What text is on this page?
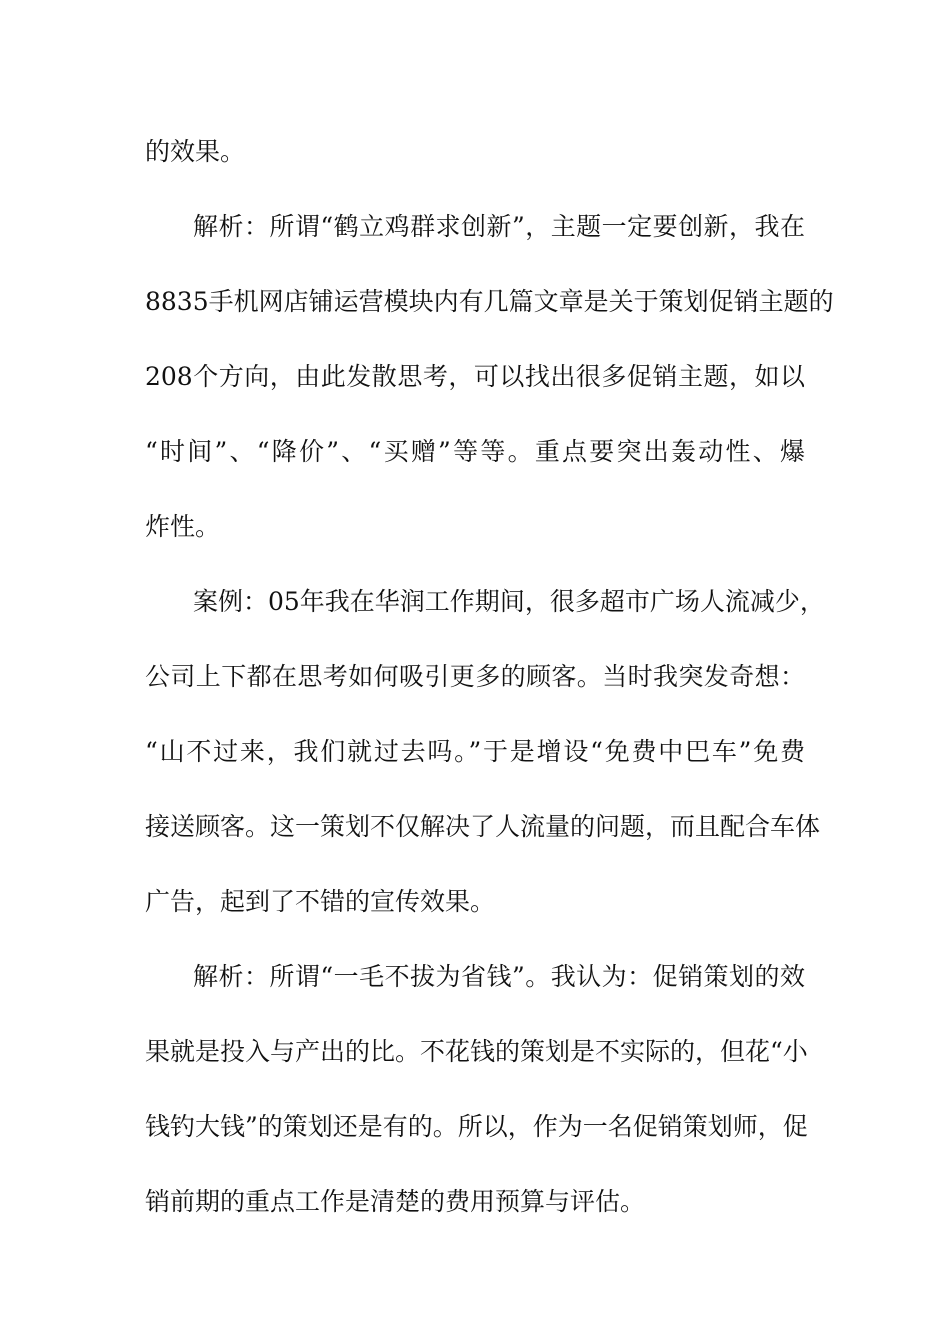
的效果。
解析：所谓“鹤立鸡群求创新”，主题一定要创新，我在
8835手机网店铺运营模块内有几篇文章是关于策划促销主题的
208个方向，由此发散思考，可以找出很多促销主题，如以
“时间”、“降价”、“买赠”等等。重点要突出轰动性、爆
炸性。
案例：05年我在华润工作期间，很多超市广场人流减少，
公司上下都在思考如何吸引更多的顾客。当时我突发奇想：
“山不过来，我们就过去吗。”于是增设“免费中巴车”免费
接送顾客。这一策划不仅解决了人流量的问题，而且配合车体
广告，起到了不错的宣传效果。
解析：所谓“一毛不拔为省钱”。我认为：促销策划的效
果就是投入与产出的比。不花钱的策划是不实际的，但花“小
钱钓大钱”的策划还是有的。所以，作为一名促销策划师，促
销前期的重点工作是清楚的费用预算与评估。
